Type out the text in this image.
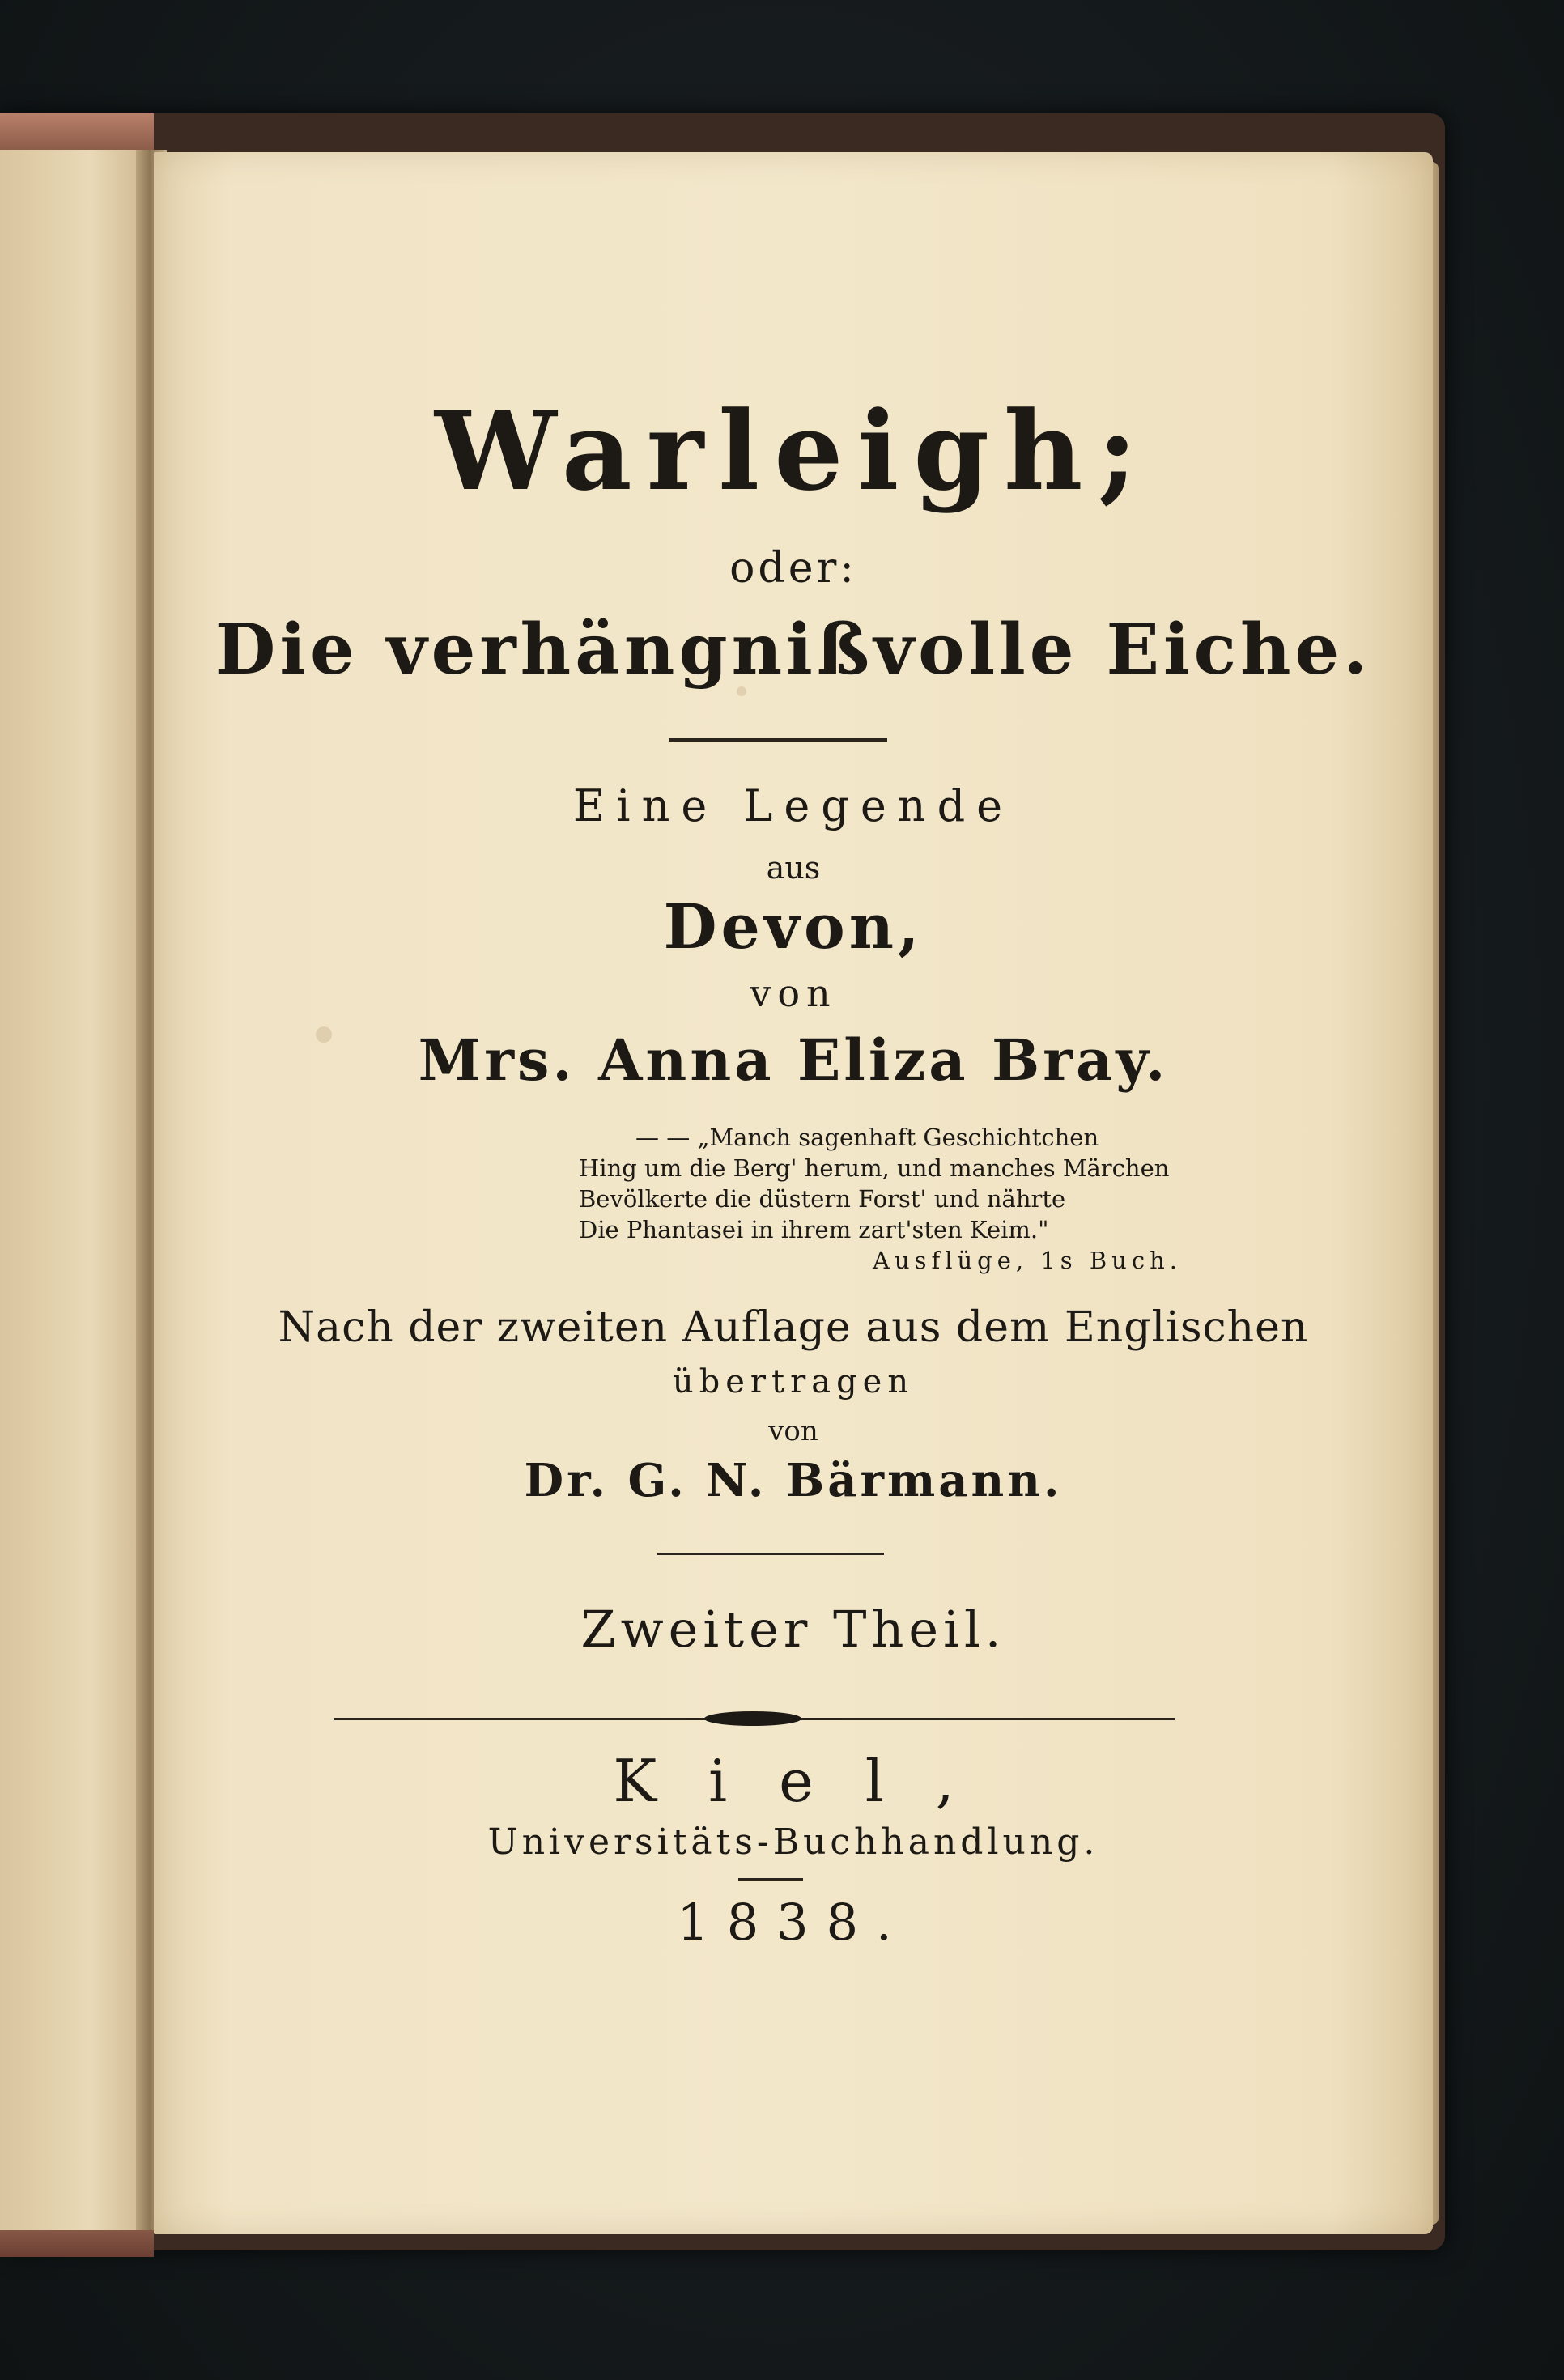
Warleigh;
oder:
Die verhängnißvolle Eiche.
Eine Legende
aus
Devon,
von
Mrs. Anna Eliza Bray.
— — „Manch sagenhaft Geschichtchen
Hing um die Berg' herum, und manches Märchen
Bevölkerte die düstern Forst' und nährte
Die Phantasei in ihrem zart'sten Keim."
Ausflüge, 1s Buch.
Nach der zweiten Auflage aus dem Englischen
übertragen
von
Dr. G. N. Bärmann.
Zweiter Theil.
Kiel,
Universitäts-Buchhandlung.
1838.
